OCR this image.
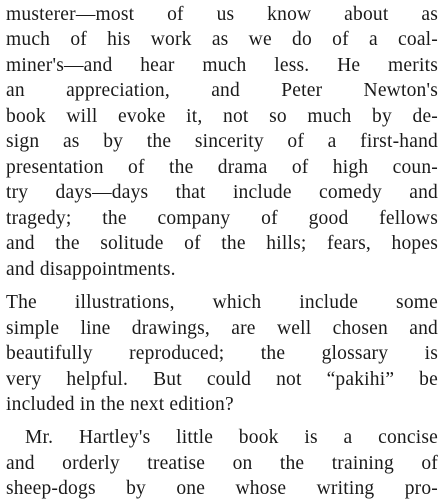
musterer—most of us know about as
much of his work as we do of a coal-
miner's—and hear much less. He merits
an appreciation, and Peter Newton's
book will evoke it, not so much by de-
sign as by the sincerity of a first-hand
presentation of the drama of high coun-
try days—days that include comedy and
tragedy; the company of good fellows
and the solitude of the hills; fears, hopes
and disappointments.
The illustrations, which include some
simple line drawings, are well chosen and
beautifully reproduced; the glossary is
very helpful. But could not “pakihi” be
included in the next edition?
Mr. Hartley's little book is a concise
and orderly treatise on the training of
sheep-dogs by one whose writing pro-
